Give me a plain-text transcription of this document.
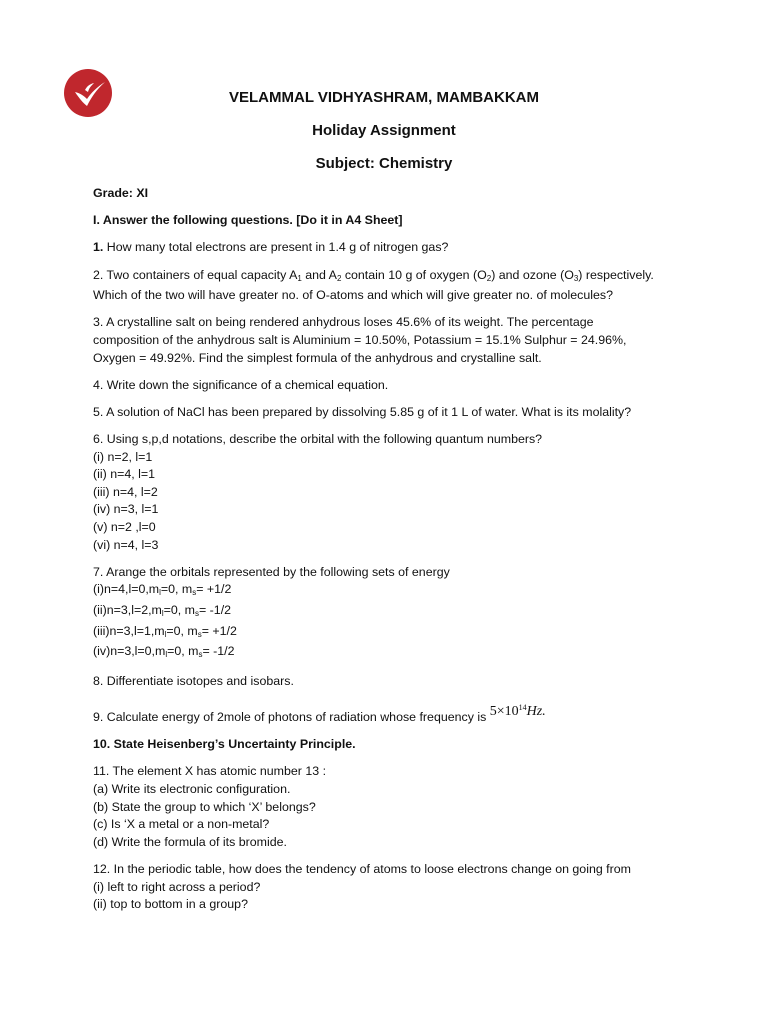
VELAMMAL VIDHYASHRAM, MAMBAKKAM
Holiday Assignment
Subject: Chemistry

Grade: XI

I. Answer the following questions. [Do it in A4 Sheet]

1. How many total electrons are present in 1.4 g of nitrogen gas?

2. Two containers of equal capacity $A_1$ and $A_2$ contain 10 g of oxygen $(O_2)$ and ozone $(O_3)$ respectively.
Which of the two will have greater no. of O-atoms and which will give greater no. of molecules?

3. A crystalline salt on being rendered anhydrous loses 45.6% of its weight. The percentage
composition of the anhydrous salt is Aluminium = 10.50%, Potassium = 15.1% Sulphur = 24.96%,
Oxygen = 49.92%. Find the simplest formula of the anhydrous and crystalline salt.

4. Write down the significance of a chemical equation.

5. A solution of NaCl has been prepared by dissolving 5.85 g of it 1 L of water. What is its molality?

6. Using s,p,d notations, describe the orbital with the following quantum numbers?
(i) n=2, l=1
(ii) n=4, l=1
(iii) n=4, l=2
(iv) n=3, l=1
(v) n=2 ,l=0
(vi) n=4, l=3

7. Arange the orbitals represented by the following sets of energy
$(i)n=4,l=0,m_l=0$, $m_s= +1/2$
$(ii)n=3,l=2,m_l=0$, $m_s= -1/2$
$(iii)n=3,l=1,m_l=0$, $m_s= +1/2$
$(iv)n=3,l=0,m_l=0$, $m_s= -1/2$

8. Differentiate isotopes and isobars.

9. Calculate energy of 2mole of photons of radiation whose frequency is $5\times 10^{14}Hz$.

10. State Heisenberg’s Uncertainty Principle.

11. The element X has atomic number 13 :
(a) Write its electronic configuration.
(b) State the group to which ‘X’ belongs?
(c) Is ‘X a metal or a non-metal?
(d) Write the formula of its bromide.

12. In the periodic table, how does the tendency of atoms to loose electrons change on going from
(i) left to right across a period?
(ii) top to bottom in a group?
